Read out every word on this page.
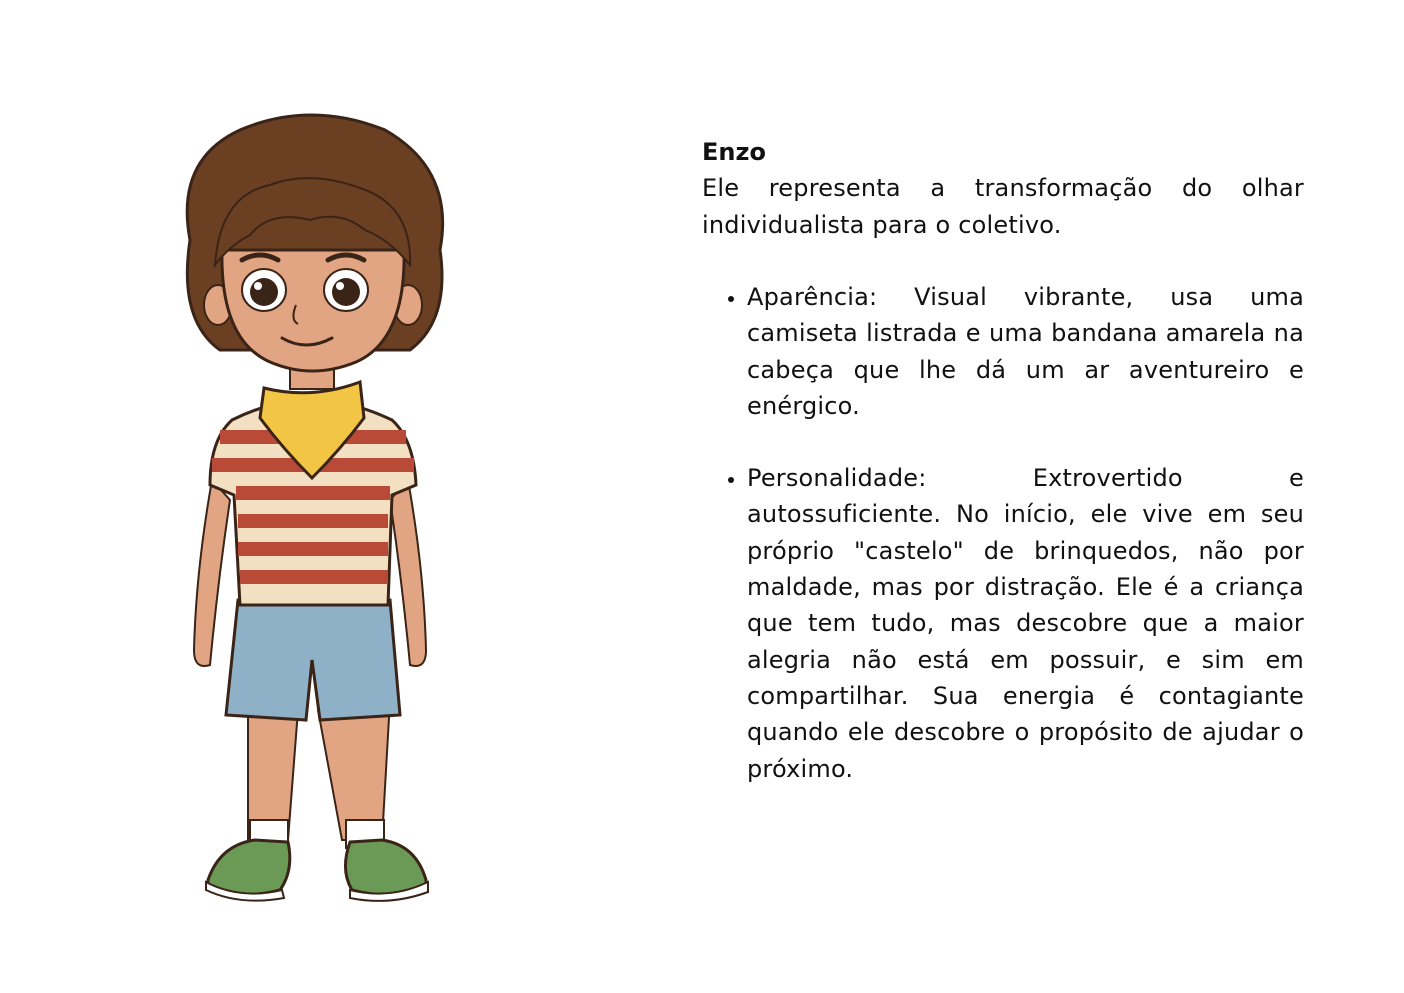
Enzo

Ele representa a transformação do olhar individualista para o coletivo.

• Aparência: Visual vibrante, usa uma camiseta listrada e uma bandana amarela na cabeça que lhe dá um ar aventureiro e enérgico.
• Personalidade: Extrovertido e autossuficiente. No início, ele vive em seu próprio "castelo" de brinquedos, não por maldade, mas por distração. Ele é a criança que tem tudo, mas descobre que a maior alegria não está em possuir, e sim em compartilhar. Sua energia é contagiante quando ele descobre o propósito de ajudar o próximo.
